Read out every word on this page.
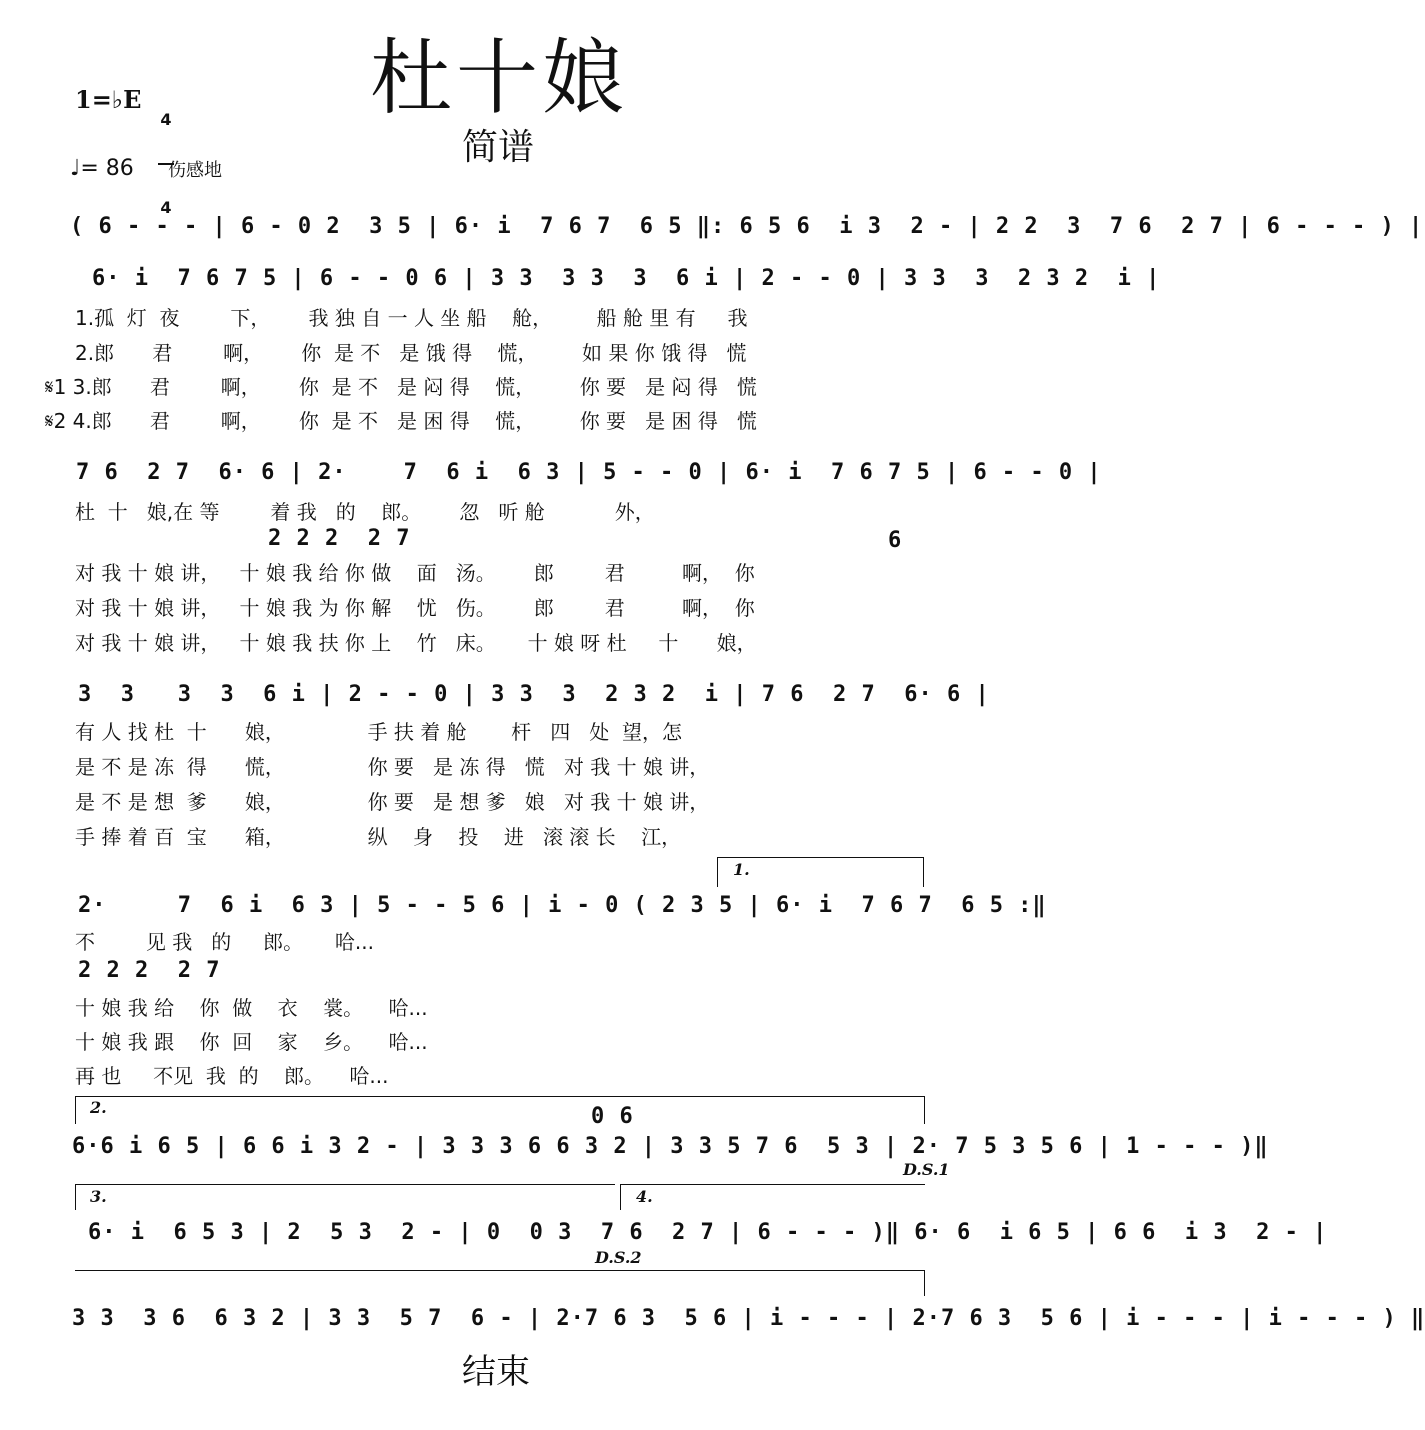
杜十娘
简谱
1=♭E

4

4

♩= 86 伤感地
( 6 - - - | 6 - 0 2  3 5 | 6· i  7 6 7  6 5 ‖: 6 5 6  i 3  2 - | 2 2  3  7 6  2 7 | 6 - - - ) |
6· i  7 6 7 5 | 6 - - 0 6 | 3 3  3 3  3  6 i | 2 - - 0 | 3 3  3  2 3 2  i |
1.孤  灯  夜        下，      我 独 自 一 人 坐 船    舱，       船 舱 里 有     我
2.郎      君        啊，      你  是 不   是 饿 得    慌，       如 果 你 饿 得   慌
𝄋1 3.郎      君        啊，      你  是 不   是 闷 得    慌，       你 要   是 闷 得   慌
𝄋2 4.郎      君        啊，      你  是 不   是 困 得    慌，       你 要   是 困 得   慌
7 6  2 7  6· 6 | 2·    7  6 i  6 3 | 5 - - 0 | 6· i  7 6 7 5 | 6 - - 0 |
杜  十   娘,在 等        着 我   的    郎。      忽   听 舱           外，
2 2 2  2 7	6
对 我 十 娘 讲，   十 娘 我 给 你 做    面   汤。      郎        君         啊，  你
对 我 十 娘 讲，   十 娘 我 为 你 解    忧   伤。      郎        君         啊，  你
对 我 十 娘 讲，   十 娘 我 扶 你 上    竹   床。     十 娘 呀 杜     十      娘，
3  3   3  3  6 i | 2 - - 0 | 3 3  3  2 3 2  i | 7 6  2 7  6· 6 |
有 人 找 杜  十      娘，             手 扶 着 舱       杆   四   处  望，怎
是 不 是 冻  得      慌，             你 要   是 冻 得   慌   对 我 十 娘 讲，
是 不 是 想  爹      娘，             你 要   是 想 爹   娘   对 我 十 娘 讲，
手 捧 着 百  宝      箱，             纵    身    投    进   滚 滚 长    江，
1.
2·     7  6 i  6 3 | 5 - - 5 6 | i - 0 ( 2 3 5 | 6· i  7 6 7  6 5 :‖
不        见 我   的     郎。     哈...
2 2 2  2 7
十 娘 我 给    你  做    衣    裳。    哈...
十 娘 我 跟    你  回    家    乡。    哈...
再 也     不见  我  的    郎。    哈...
2.	0 6
6·6 i 6 5 | 6 6 i 3 2 - | 3 3 3 6 6 3 2 | 3 3 5 7 6  5 3 | 2· 7 5 3 5 6 | 1 - - - )‖
D.S.1
3.	4.
6· i  6 5 3 | 2  5 3  2 - | 0  0 3  7 6  2 7 | 6 - - - )‖ 6· 6  i 6 5 | 6 6  i 3  2 - |
D.S.2
3 3  3 6  6 3 2 | 3 3  5 7  6 - | 2·7 6 3  5 6 | i - - - | 2·7 6 3  5 6 | i - - - | i - - - ) ‖
结束
